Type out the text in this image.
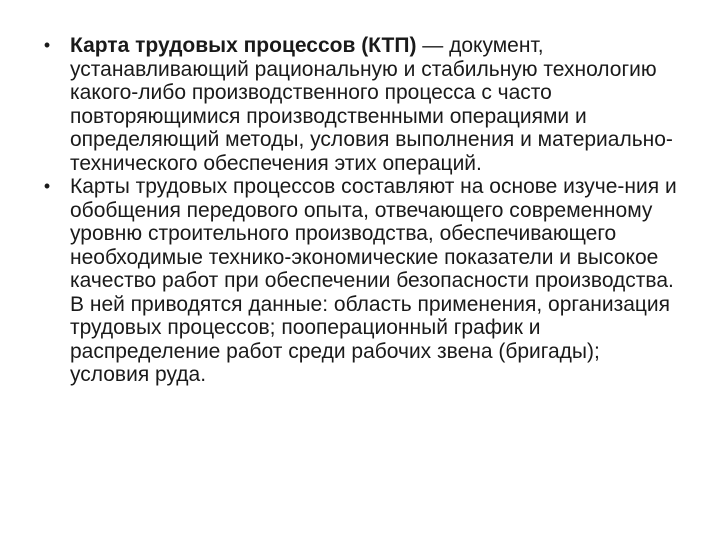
• Карта трудовых процессов (КТП) — документ, устанавливающий рациональную и стабильную технологию какого-либо производственного процесса с часто повторяющимися производственными операциями и определяющий методы, условия выполнения и материально-технического обеспечения этих операций.
• Карты трудовых процессов составляют на основе изуче-ния и обобщения передового опыта, отвечающего современному уровню строительного производства, обеспечивающего необходимые технико-экономические показатели и высокое качество работ при обеспечении безопасности производства. В ней приводятся данные: область применения, организация трудовых процессов; пооперационный график и распределение работ среди рабочих звена (бригады); условия руда.
